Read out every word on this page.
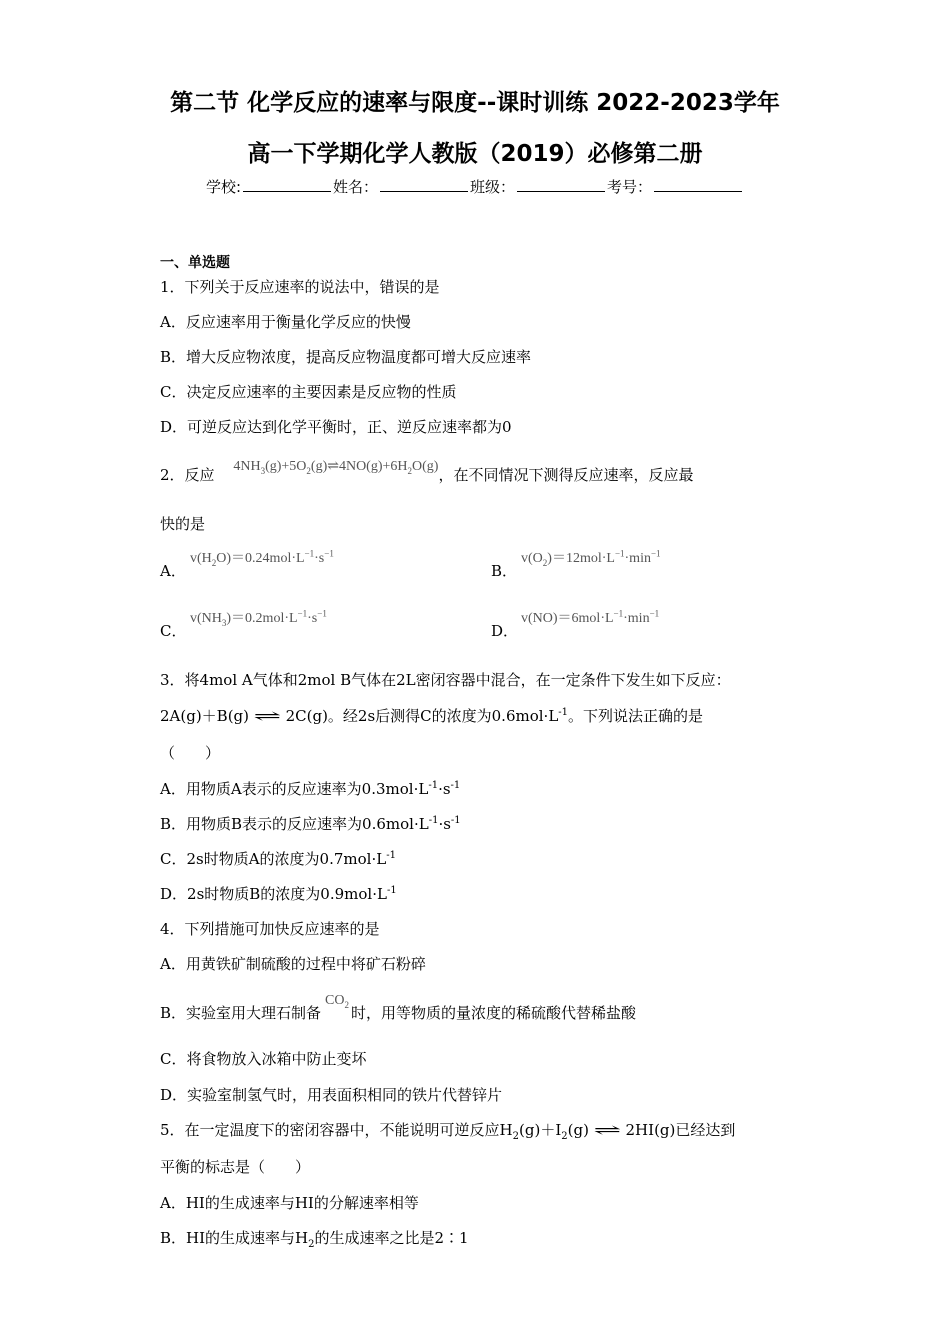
第二节 化学反应的速率与限度--课时训练 2022-2023学年
高一下学期化学人教版（2019）必修第二册
学校:	姓名：	班级：	考号：
一、单选题
1．下列关于反应速率的说法中，错误的是
A．反应速率用于衡量化学反应的快慢
B．增大反应物浓度，提高反应物温度都可增大反应速率
C．决定反应速率的主要因素是反应物的性质
D．可逆反应达到化学平衡时，正、逆反应速率都为0
2．反应 $4NH_3(g)+5O_2(g)\rightleftharpoons 4NO(g)+6H_2O(g)$，在不同情况下测得反应速率，反应最
快的是
A．
$v(H_2O)=0.24mol\cdot L^{-1}\cdot s^{-1}$
B．
$v(O_2)=12mol\cdot L^{-1}\cdot\min^{-1}$
C．
$v(NH_3)=0.2mol\cdot L^{-1}\cdot s^{-1}$
D．
$v(NO)=6mol\cdot L^{-1}\cdot\min^{-1}$
3．将4mol A气体和2mol B气体在2L密闭容器中混合，在一定条件下发生如下反应：
2A(g)＋B(g) ⇌ 2C(g)。经2s后测得C的浓度为$0.6mol\cdot L^{-1}$。下列说法正确的是
（　　）
A．用物质A表示的反应速率为$0.3mol\cdot L^{-1}\cdot s^{-1}$
B．用物质B表示的反应速率为$0.6mol\cdot L^{-1}\cdot s^{-1}$
C．2s时物质A的浓度为$0.7mol\cdot L^{-1}$
D．2s时物质B的浓度为$0.9mol\cdot L^{-1}$
4．下列措施可加快反应速率的是
A．用黄铁矿制硫酸的过程中将矿石粉碎
B．实验室用大理石制备$CO_2$ 时，用等物质的量浓度的稀硫酸代替稀盐酸
C．将食物放入冰箱中防止变坏
D．实验室制氢气时，用表面积相同的铁片代替锌片
5．在一定温度下的密闭容器中，不能说明可逆反应$H_2(g)+I_2(g)$ ⇌ 2HI(g)已经达到
平衡的标志是（　　）
A．HI的生成速率与HI的分解速率相等
B．HI的生成速率与$H_2$的生成速率之比是2∶1
